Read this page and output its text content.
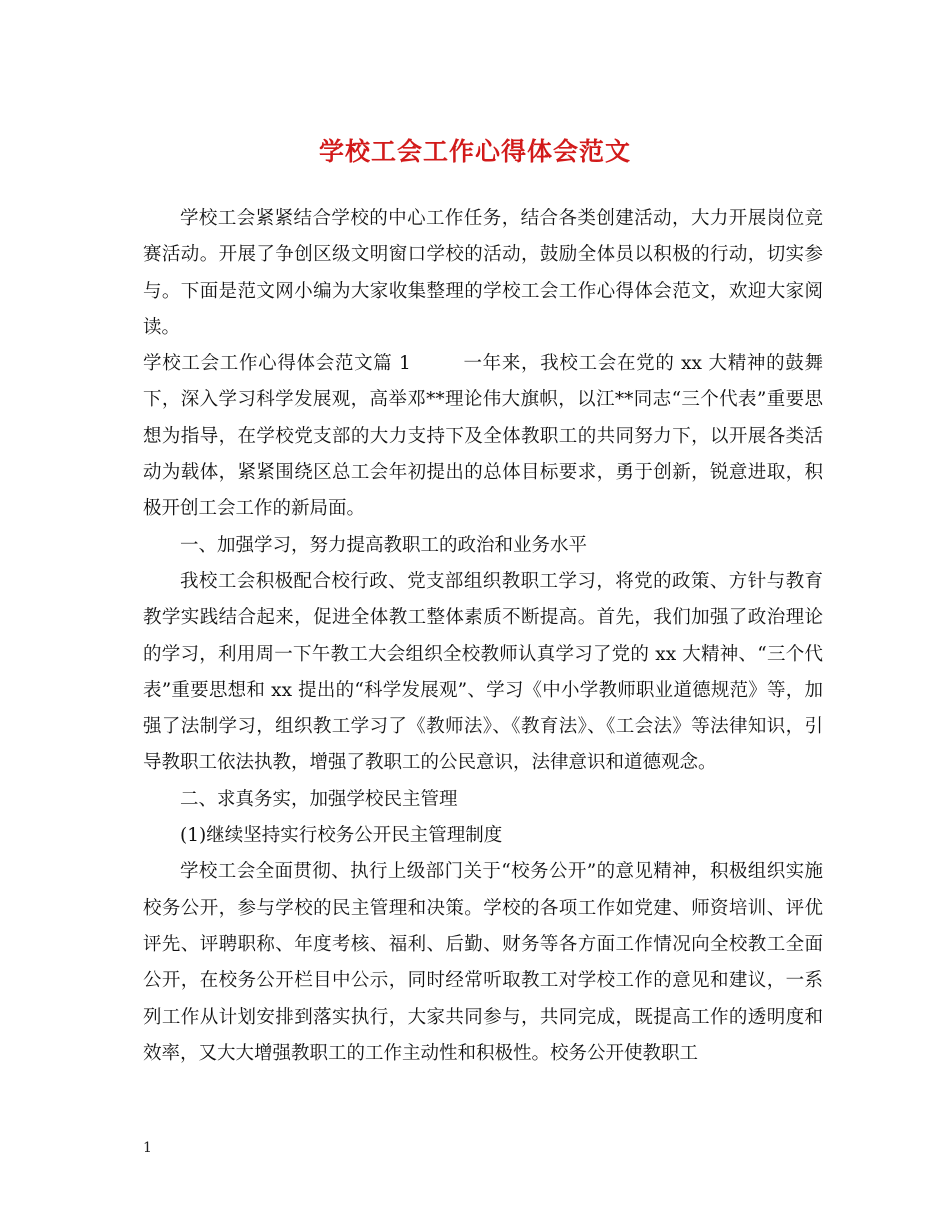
学校工会工作心得体会范文

学校工会紧紧结合学校的中心工作任务，结合各类创建活动，大力开展岗位竞赛活动。开展了争创区级文明窗口学校的活动，鼓励全体员以积极的行动，切实参与。下面是范文网小编为大家收集整理的学校工会工作心得体会范文，欢迎大家阅读。

学校工会工作心得体会范文篇 1	一年来，我校工会在党的 xx 大精神的鼓舞下，深入学习科学发展观，高举邓**理论伟大旗帜，以江**同志“三个代表”重要思想为指导，在学校党支部的大力支持下及全体教职工的共同努力下，以开展各类活动为载体，紧紧围绕区总工会年初提出的总体目标要求，勇于创新，锐意进取，积极开创工会工作的新局面。

一、加强学习，努力提高教职工的政治和业务水平

我校工会积极配合校行政、党支部组织教职工学习，将党的政策、方针与教育教学实践结合起来，促进全体教工整体素质不断提高。首先，我们加强了政治理论的学习，利用周一下午教工大会组织全校教师认真学习了党的 xx 大精神、“三个代表”重要思想和 xx 提出的“科学发展观”、学习《中小学教师职业道德规范》等，加强了法制学习，组织教工学习了《教师法》、《教育法》、《工会法》等法律知识，引导教职工依法执教，增强了教职工的公民意识，法律意识和道德观念。

二、求真务实，加强学校民主管理

(1)继续坚持实行校务公开民主管理制度

学校工会全面贯彻、执行上级部门关于“校务公开”的意见精神，积极组织实施校务公开，参与学校的民主管理和决策。学校的各项工作如党建、师资培训、评优评先、评聘职称、年度考核、福利、后勤、财务等各方面工作情况向全校教工全面公开，在校务公开栏目中公示，同时经常听取教工对学校工作的意见和建议，一系列工作从计划安排到落实执行，大家共同参与，共同完成，既提高工作的透明度和效率，又大大增强教职工的工作主动性和积极性。校务公开使教职工

1
